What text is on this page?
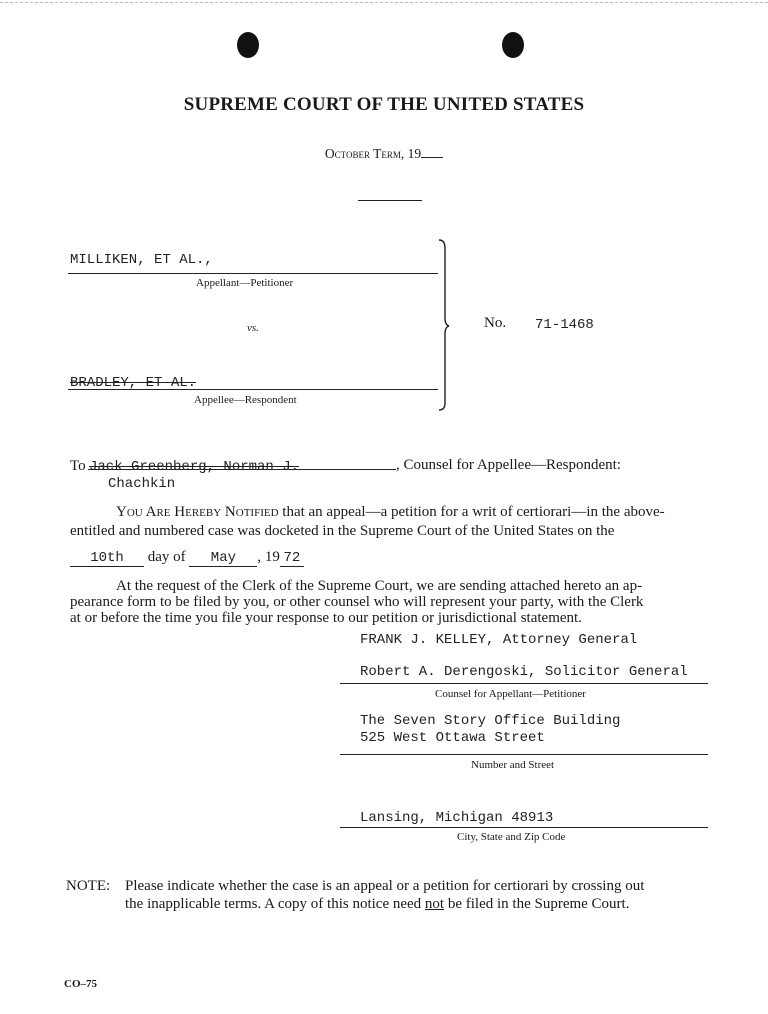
SUPREME COURT OF THE UNITED STATES
October Term, 19
MILLIKEN, ET AL.,
Appellant—Petitioner
vs.
BRADLEY, ET AL.
Appellee—Respondent
No. 71-1468
To Jack Greenberg, Norman J.	, Counsel for Appellee—Respondent:
Chachkin
You Are Hereby Notified that an appeal—a petition for a writ of certiorari—in the above-
entitled and numbered case was docketed in the Supreme Court of the United States on the
10th day of May , 19 72
At the request of the Clerk of the Supreme Court, we are sending attached hereto an ap-
pearance form to be filed by you, or other counsel who will represent your party, with the Clerk
at or before the time you file your response to our petition or jurisdictional statement.
FRANK J. KELLEY, Attorney General
Robert A. Derengoski, Solicitor General
Counsel for Appellant—Petitioner
The Seven Story Office Building
525 West Ottawa Street
Number and Street
Lansing, Michigan 48913
City, State and Zip Code
NOTE: Please indicate whether the case is an appeal or a petition for certiorari by crossing out
the inapplicable terms. A copy of this notice need not be filed in the Supreme Court.
CO–75
